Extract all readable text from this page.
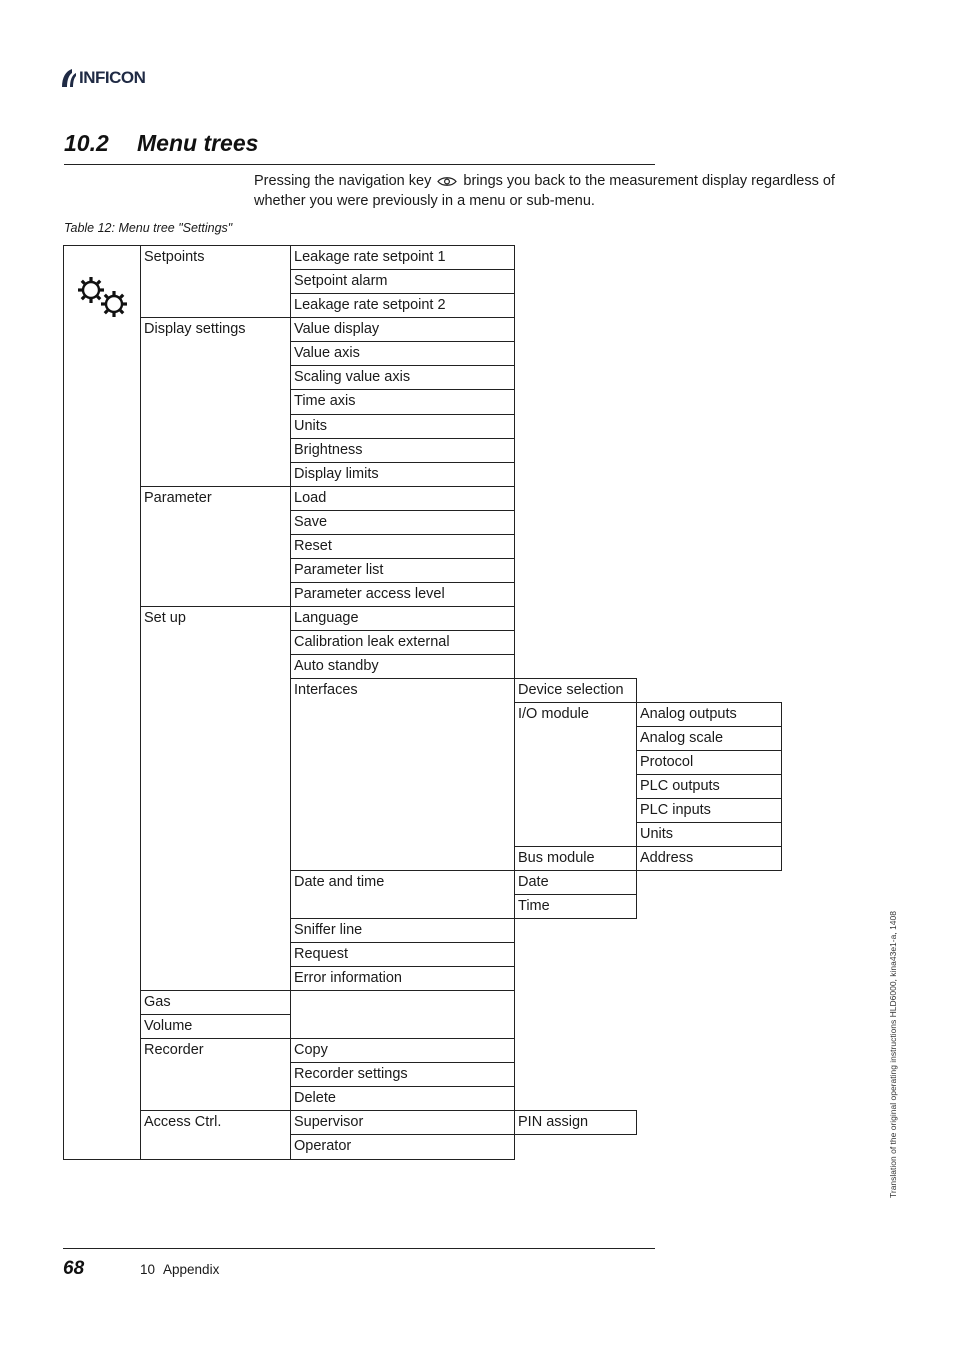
INFICON
10.2	Menu trees
Pressing the navigation key brings you back to the measurement display regardless of whether you were previously in a menu or sub-menu.
Table 12: Menu tree "Settings"
Setpoints
Display settings
Parameter
Set up
Gas
Volume
Recorder
Access Ctrl.
Leakage rate setpoint 1
Setpoint alarm
Leakage rate setpoint 2
Value display
Value axis
Scaling value axis
Time axis
Units
Brightness
Display limits
Load
Save
Reset
Parameter list
Parameter access level
Language
Calibration leak external
Auto standby
Interfaces
Date and time
Sniffer line
Request
Error information
Copy
Recorder settings
Delete
Supervisor
Operator
Device selection
I/O module
Bus module
Date
Time
PIN assign
Analog outputs
Analog scale
Protocol
PLC outputs
PLC inputs
Units
Address
Translation of the original operating instructions HLD6000, kina43e1-a, 1408
68	10 Appendix
